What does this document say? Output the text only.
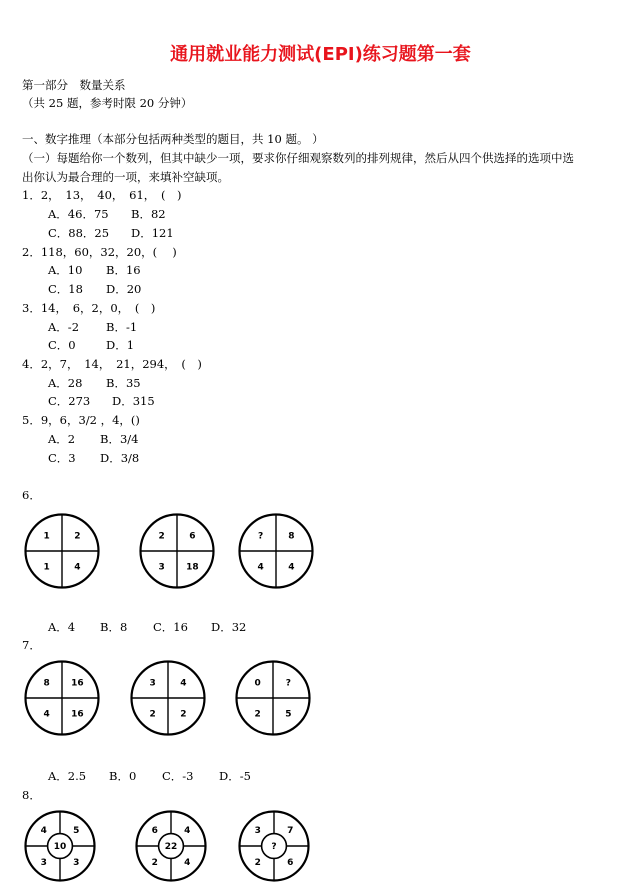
通用就业能力测试(EPI)练习题第一套
第一部分　数量关系
（共 25 题，参考时限 20 分钟）
一、数字推理（本部分包括两种类型的题目，共 10 题。 ）
（一）每题给你一个数列，但其中缺少一项，要求你仔细观察数列的排列规律，然后从四个供选择的选项中选
出你认为最合理的一项，来填补空缺项。
1．2，　13，　40，　61，　(　)
A．46．75 B．82
C．88．25 D．121
2．118，60，32，20，(　 )
A．10 B．16
C．18 D．20
3．14，　6，2，0，　(　)
A．-2 B．-1
C．0	D．1
4．2，7，　14，　21，294，　(　)
A．28 B．35
C．273 D．315
5．9，6，3/2 ，4，()
A．2 B．3/4
C．3 D．3/8
6．
1	2
1	4
2	6
3 18
?	8
4	4
A．4 B．8 C．16 D．32
7．
8 16
4 16
3	4
2	2
0	?
2	5
A．2.5 B．0 C．-3 D．-5
8．
10
4	5
3	3
22
6	4
2	4
?
3	7
2	6
